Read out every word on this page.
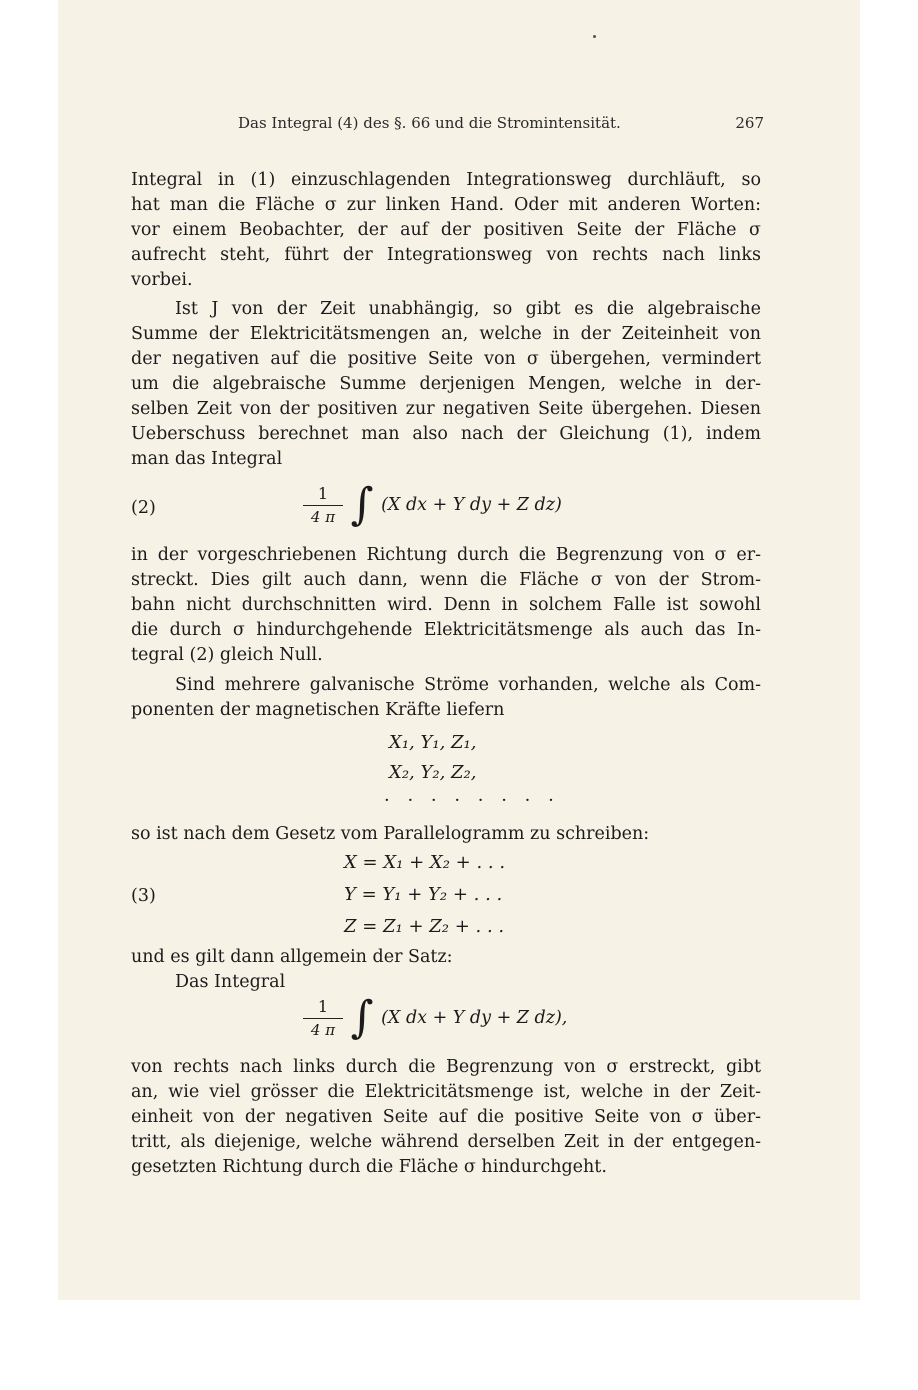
Das Integral (4) des §. 66 und die Stromintensität.	267

Integral in (1) einzuschlagenden Integrationsweg durchläuft, so

hat man die Fläche σ zur linken Hand. Oder mit anderen Worten:

vor einem Beobachter, der auf der positiven Seite der Fläche σ

aufrecht steht, führt der Integrationsweg von rechts nach links

vorbei.

Ist J von der Zeit unabhängig, so gibt es die algebraische

Summe der Elektricitätsmengen an, welche in der Zeiteinheit von

der negativen auf die positive Seite von σ übergehen, vermindert

um die algebraische Summe derjenigen Mengen, welche in der-

selben Zeit von der positiven zur negativen Seite übergehen. Diesen

Ueberschuss berechnet man also nach der Gleichung (1), indem

man das Integral

(2)	$\frac{1}{4 \pi}$ ∫ (X dx + Y dy + Z dz)

in der vorgeschriebenen Richtung durch die Begrenzung von σ er-

streckt. Dies gilt auch dann, wenn die Fläche σ von der Strom-

bahn nicht durchschnitten wird. Denn in solchem Falle ist sowohl

die durch σ hindurchgehende Elektricitätsmenge als auch das In-

tegral (2) gleich Null.

Sind mehrere galvanische Ströme vorhanden, welche als Com-

ponenten der magnetischen Kräfte liefern

X₁, Y₁, Z₁,
X₂, Y₂, Z₂,
· · · · · · · ·

so ist nach dem Gesetz vom Parallelogramm zu schreiben:

(3)
X = X₁ + X₂ + . . .
Y = Y₁ + Y₂ + . . .
Z = Z₁ + Z₂ + . . .

und es gilt dann allgemein der Satz:

Das Integral

$\frac{1}{4 \pi}$ ∫ (X dx + Y dy + Z dz),

von rechts nach links durch die Begrenzung von σ erstreckt, gibt

an, wie viel grösser die Elektricitätsmenge ist, welche in der Zeit-

einheit von der negativen Seite auf die positive Seite von σ über-

tritt, als diejenige, welche während derselben Zeit in der entgegen-

gesetzten Richtung durch die Fläche σ hindurchgeht.
